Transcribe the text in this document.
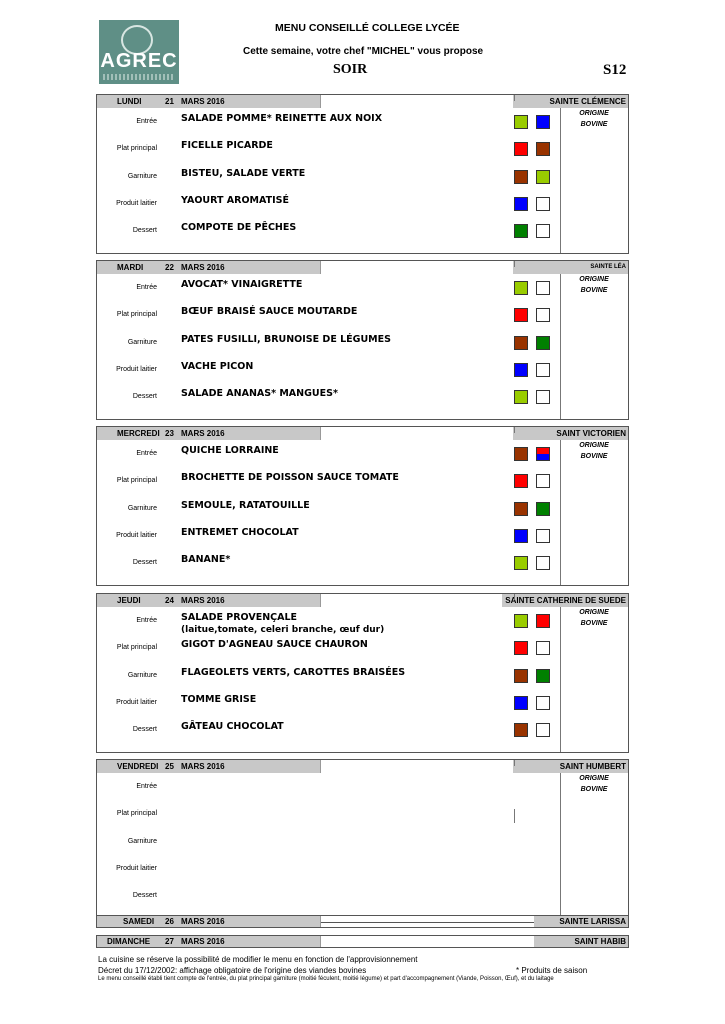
AGREC
MENU CONSEILLÉ COLLEGE LYCÉE
Cette semaine, votre chef "MICHEL" vous propose
SOIR	S12
LUNDI	21 MARS 2016	SAINTE CLÉMENCE
ORIGINE
BOVINE
Entrée	SALADE POMME* REINETTE AUX NOIX
Plat principal	FICELLE PICARDE
Garniture	BISTEU, SALADE VERTE
Produit laitier	YAOURT AROMATISÉ
Dessert	COMPOTE DE PÊCHES
MARDI	22 MARS 2016	SAINTE LÉA
ORIGINE
BOVINE
Entrée	AVOCAT* VINAIGRETTE
Plat principal	BŒUF BRAISÉ SAUCE MOUTARDE
Garniture	PATES FUSILLI, BRUNOISE DE LÉGUMES
Produit laitier	VACHE PICON
Dessert	SALADE ANANAS* MANGUES*
MERCREDI 23 MARS 2016	SAINT VICTORIEN
ORIGINE
BOVINE
Entrée	QUICHE LORRAINE
Plat principal	BROCHETTE DE POISSON SAUCE TOMATE
Garniture	SEMOULE, RATATOUILLE
Produit laitier	ENTREMET CHOCOLAT
Dessert	BANANE*
JEUDI	24 MARS 2016	SAINTE CATHERINE DE SUEDE
ORIGINE
BOVINE
Entrée	SALADE PROVENÇALE
(laitue,tomate, celeri branche, œuf dur)
Plat principal	GIGOT D'AGNEAU SAUCE CHAURON
Garniture	FLAGEOLETS VERTS, CAROTTES BRAISÉES
Produit laitier	TOMME GRISE
Dessert	GÂTEAU CHOCOLAT
VENDREDI 25 MARS 2016	SAINT HUMBERT
ORIGINE
BOVINE
Entrée
Plat principal
Garniture
Produit laitier
Dessert
SAMEDI 26 MARS 2016	SAINTE LARISSA
DIMANCHE 27 MARS 2016	SAINT HABIB
La cuisine se réserve la possibilité de modifier le menu en fonction de l'approvisionnement
Décret du 17/12/2002: affichage obligatoire de l'origine des viandes bovines	* Produits de saison
Le menu conseillé établi tient compte de l'entrée, du plat principal garniture (moitié féculent, moitié légume) et part d'accompagnement (Viande, Poisson, Œuf), et du laitage
